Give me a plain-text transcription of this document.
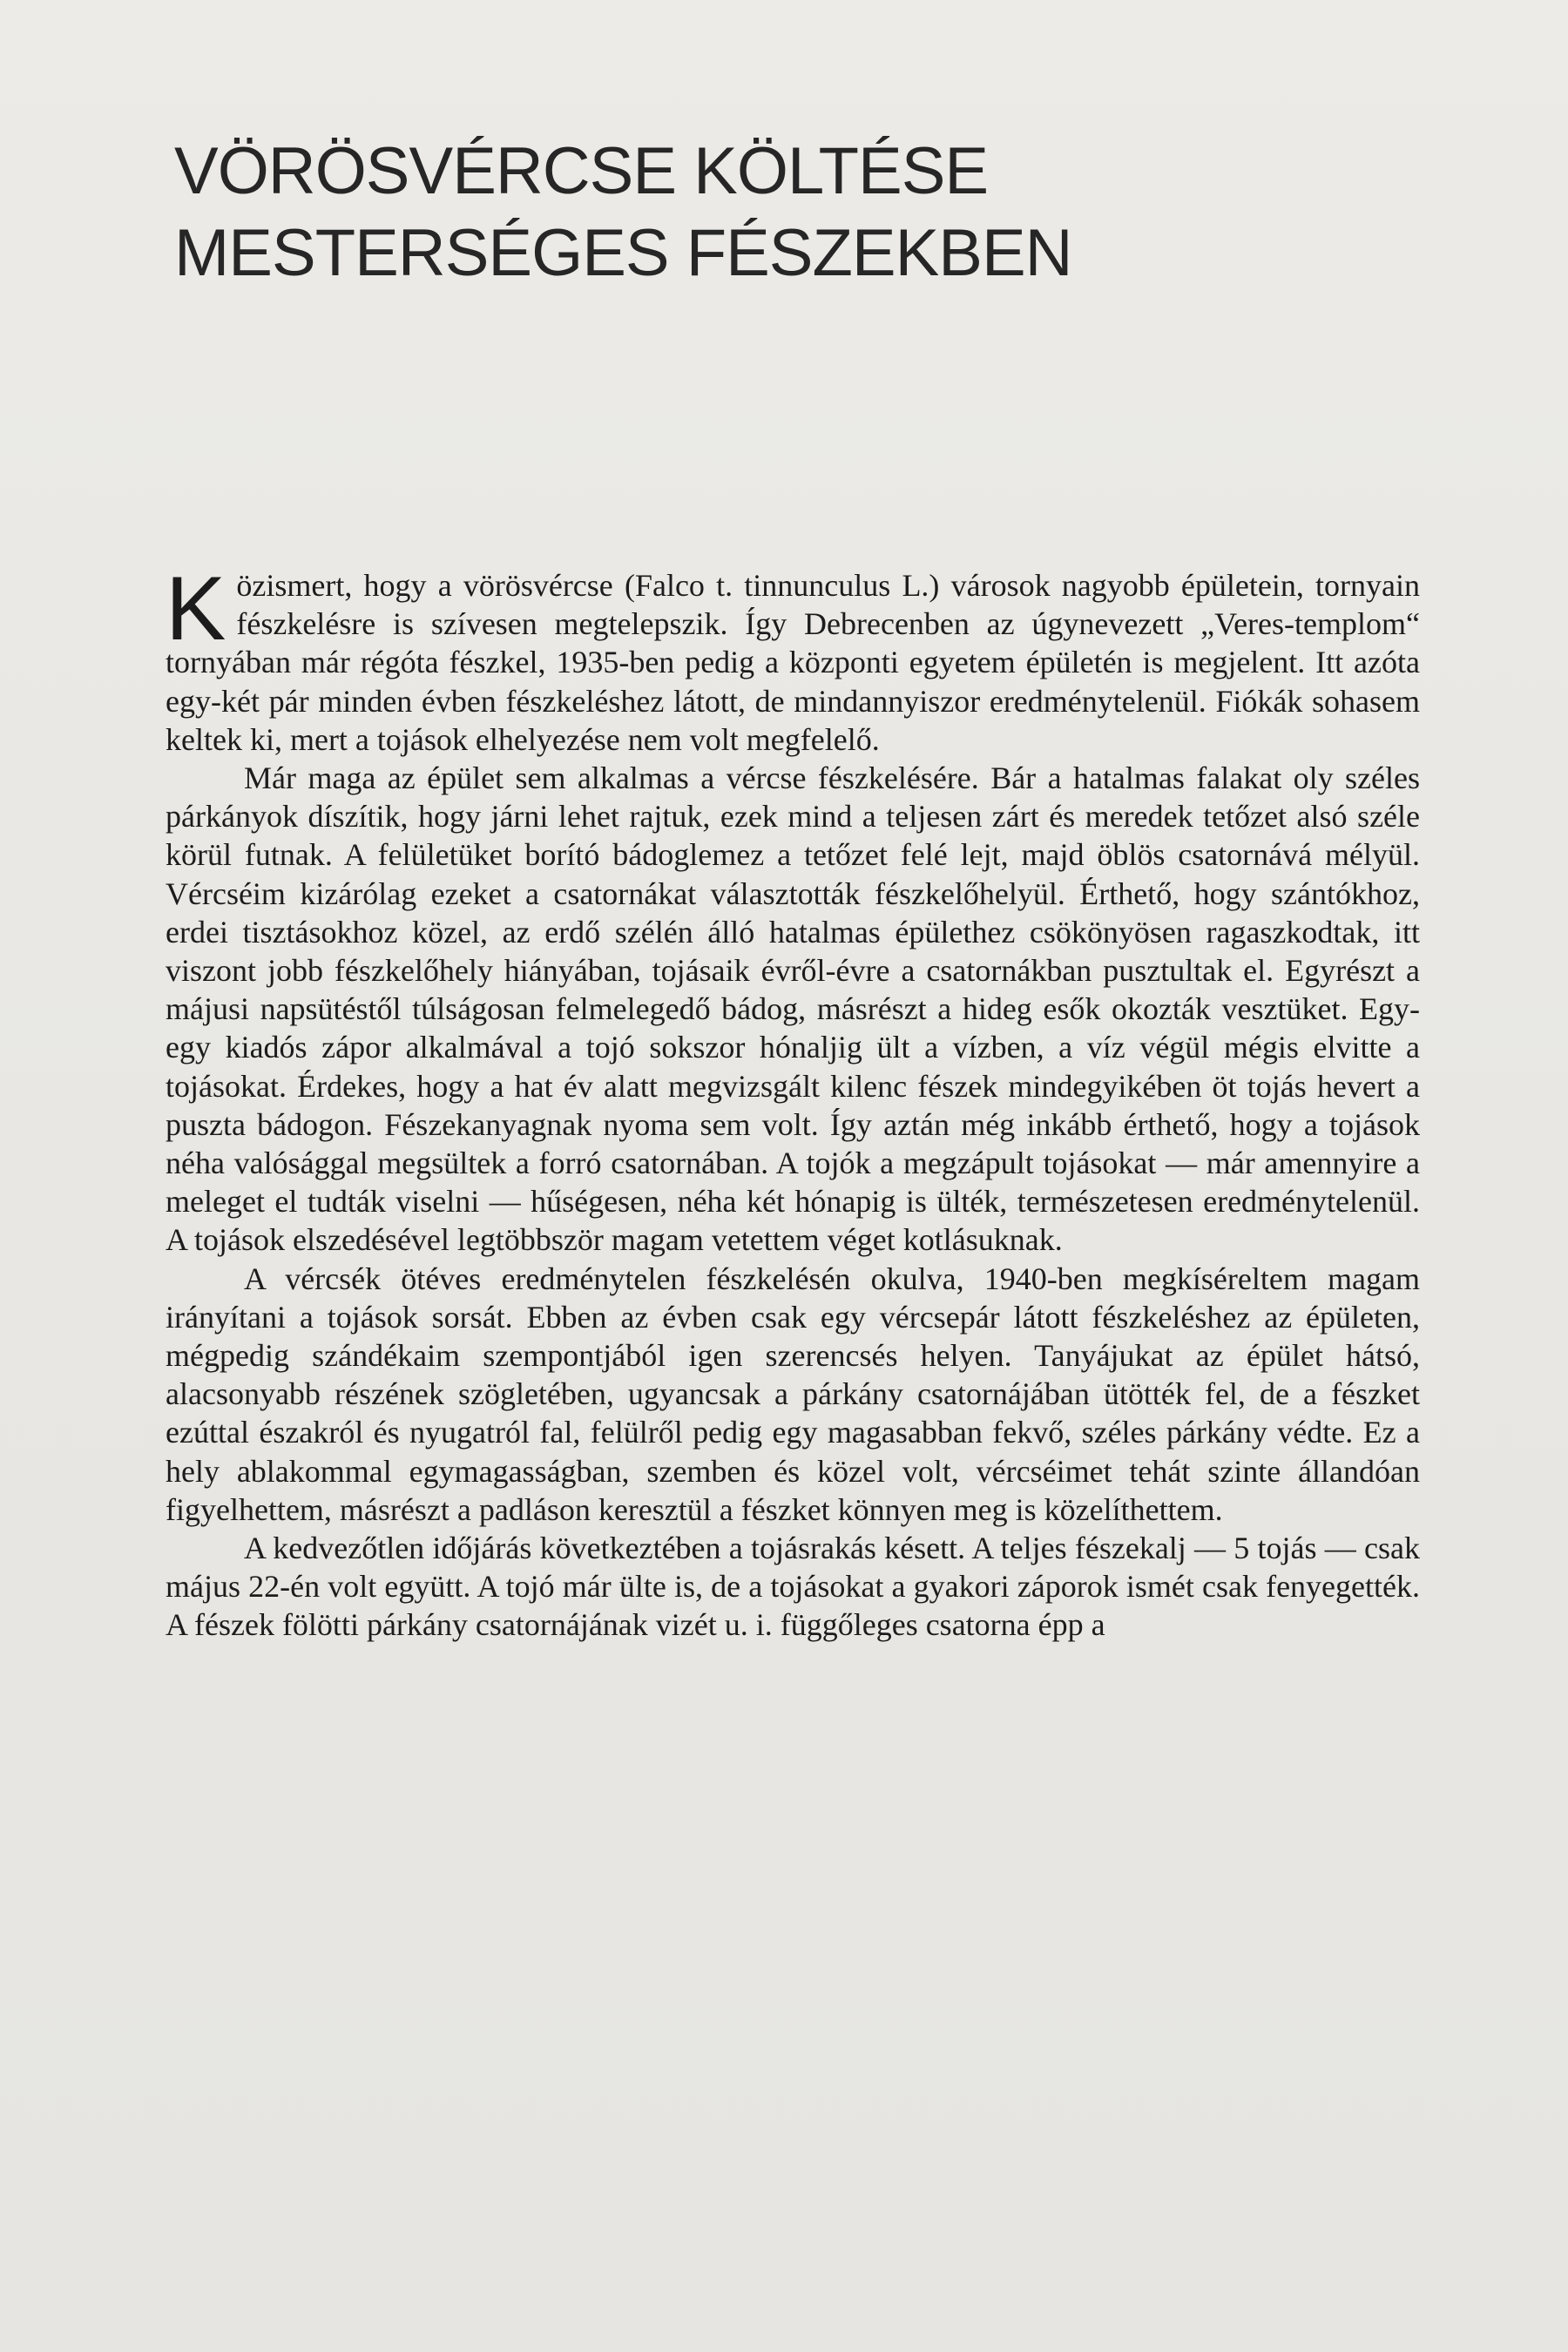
VÖRÖSVÉRCSE KÖLTÉSE
MESTERSÉGES FÉSZEKBEN

Közismert, hogy a vörösvércse (Falco t. tinnunculus L.) városok nagyobb épületein, tornyain fészkelésre is szívesen megtelepszik. Így Debrecenben az úgynevezett „Veres-templom“ tornyában már régóta fészkel, 1935-ben pedig a központi egyetem épületén is megjelent. Itt azóta egy-két pár minden évben fészkeléshez látott, de mindannyiszor eredménytelenül. Fiókák sohasem keltek ki, mert a tojások elhelyezése nem volt megfelelő.

Már maga az épület sem alkalmas a vércse fészkelésére. Bár a hatalmas falakat oly széles párkányok díszítik, hogy járni lehet rajtuk, ezek mind a teljesen zárt és meredek tetőzet alsó széle körül futnak. A felületüket borító bádoglemez a tetőzet felé lejt, majd öblös csatornává mélyül. Vércséim kizárólag ezeket a csatornákat választották fészkelőhelyül. Érthető, hogy szántókhoz, erdei tisztásokhoz közel, az erdő szélén álló hatalmas épülethez csökönyösen ragaszkodtak, itt viszont jobb fészkelőhely hiányában, tojásaik évről-évre a csatornákban pusztultak el. Egyrészt a májusi napsütéstől túlságosan felmelegedő bádog, másrészt a hideg esők okozták vesztüket. Egy-egy kiadós zápor alkalmával a tojó sokszor hónaljig ült a vízben, a víz végül mégis elvitte a tojásokat. Érdekes, hogy a hat év alatt megvizsgált kilenc fészek mindegyikében öt tojás hevert a puszta bádogon. Fészekanyagnak nyoma sem volt. Így aztán még inkább érthető, hogy a tojások néha valósággal megsültek a forró csatornában. A tojók a megzápult tojásokat — már amennyire a meleget el tudták viselni — hűségesen, néha két hónapig is ülték, természetesen eredménytelenül. A tojások elszedésével legtöbbször magam vetettem véget kotlásuknak.

A vércsék ötéves eredménytelen fészkelésén okulva, 1940-ben megkíséreltem magam irányítani a tojások sorsát. Ebben az évben csak egy vércsepár látott fészkeléshez az épületen, mégpedig szándékaim szempontjából igen szerencsés helyen. Tanyájukat az épület hátsó, alacsonyabb részének szögletében, ugyancsak a párkány csatornájában ütötték fel, de a fészket ezúttal északról és nyugatról fal, felülről pedig egy magasabban fekvő, széles párkány védte. Ez a hely ablakommal egymagasságban, szemben és közel volt, vércséimet tehát szinte állandóan figyelhettem, másrészt a padláson keresztül a fészket könnyen meg is közelíthettem.

A kedvezőtlen időjárás következtében a tojásrakás késett. A teljes fészekalj — 5 tojás — csak május 22-én volt együtt. A tojó már ülte is, de a tojásokat a gyakori záporok ismét csak fenyegették. A fészek fölötti párkány csatornájának vizét u. i. függőleges csatorna épp a
